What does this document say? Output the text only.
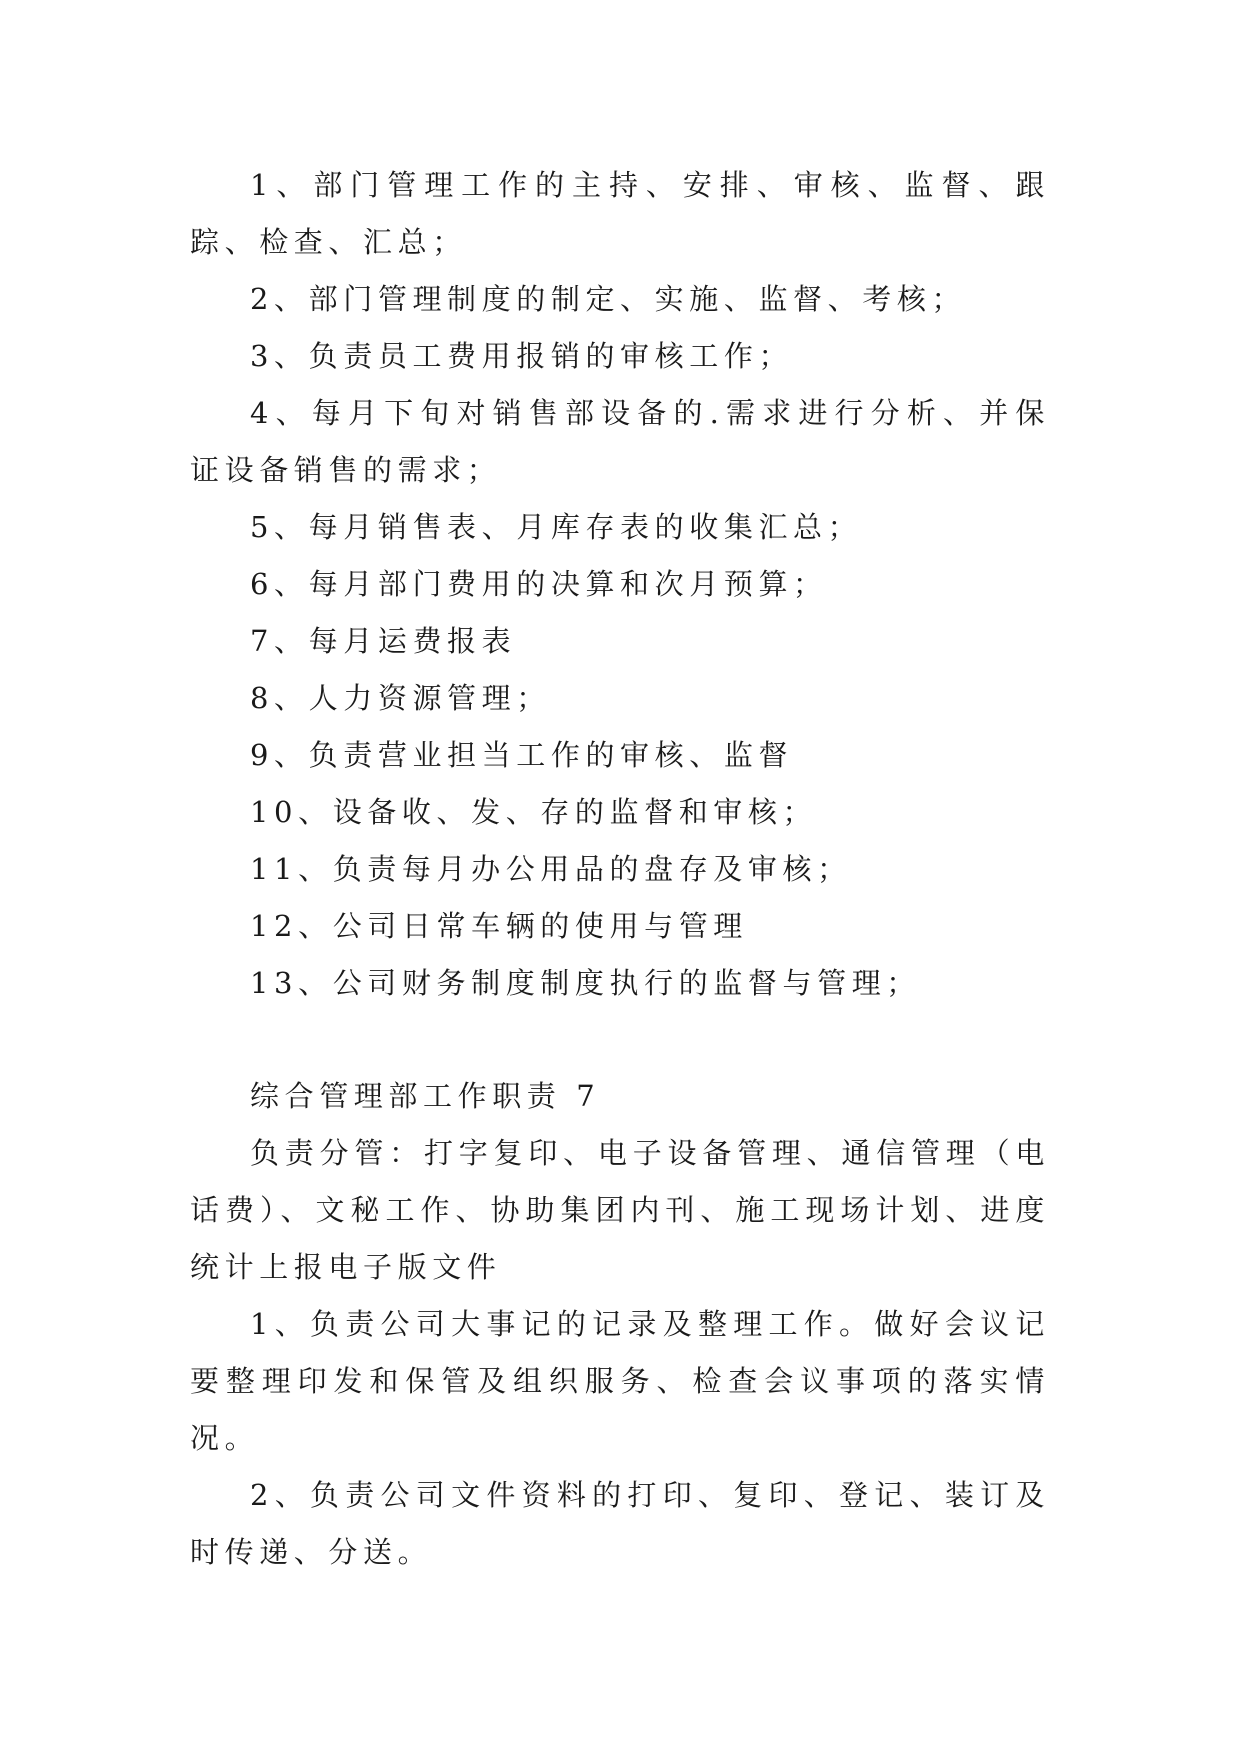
1、部门管理工作的主持、安排、审核、监督、跟踪、检查、汇总；

2、部门管理制度的制定、实施、监督、考核；

3、负责员工费用报销的审核工作；

4、每月下旬对销售部设备的.需求进行分析、并保证设备销售的需求；

5、每月销售表、月库存表的收集汇总；

6、每月部门费用的决算和次月预算；

7、每月运费报表

8、人力资源管理；

9、负责营业担当工作的审核、监督

10、设备收、发、存的监督和审核；

11、负责每月办公用品的盘存及审核；

12、公司日常车辆的使用与管理

13、公司财务制度制度执行的监督与管理；

综合管理部工作职责 7

负责分管：打字复印、电子设备管理、通信管理（电话费）、文秘工作、协助集团内刊、施工现场计划、进度统计上报电子版文件

1、负责公司大事记的记录及整理工作。做好会议记要整理印发和保管及组织服务、检查会议事项的落实情况。

2、负责公司文件资料的打印、复印、登记、装订及时传递、分送。
